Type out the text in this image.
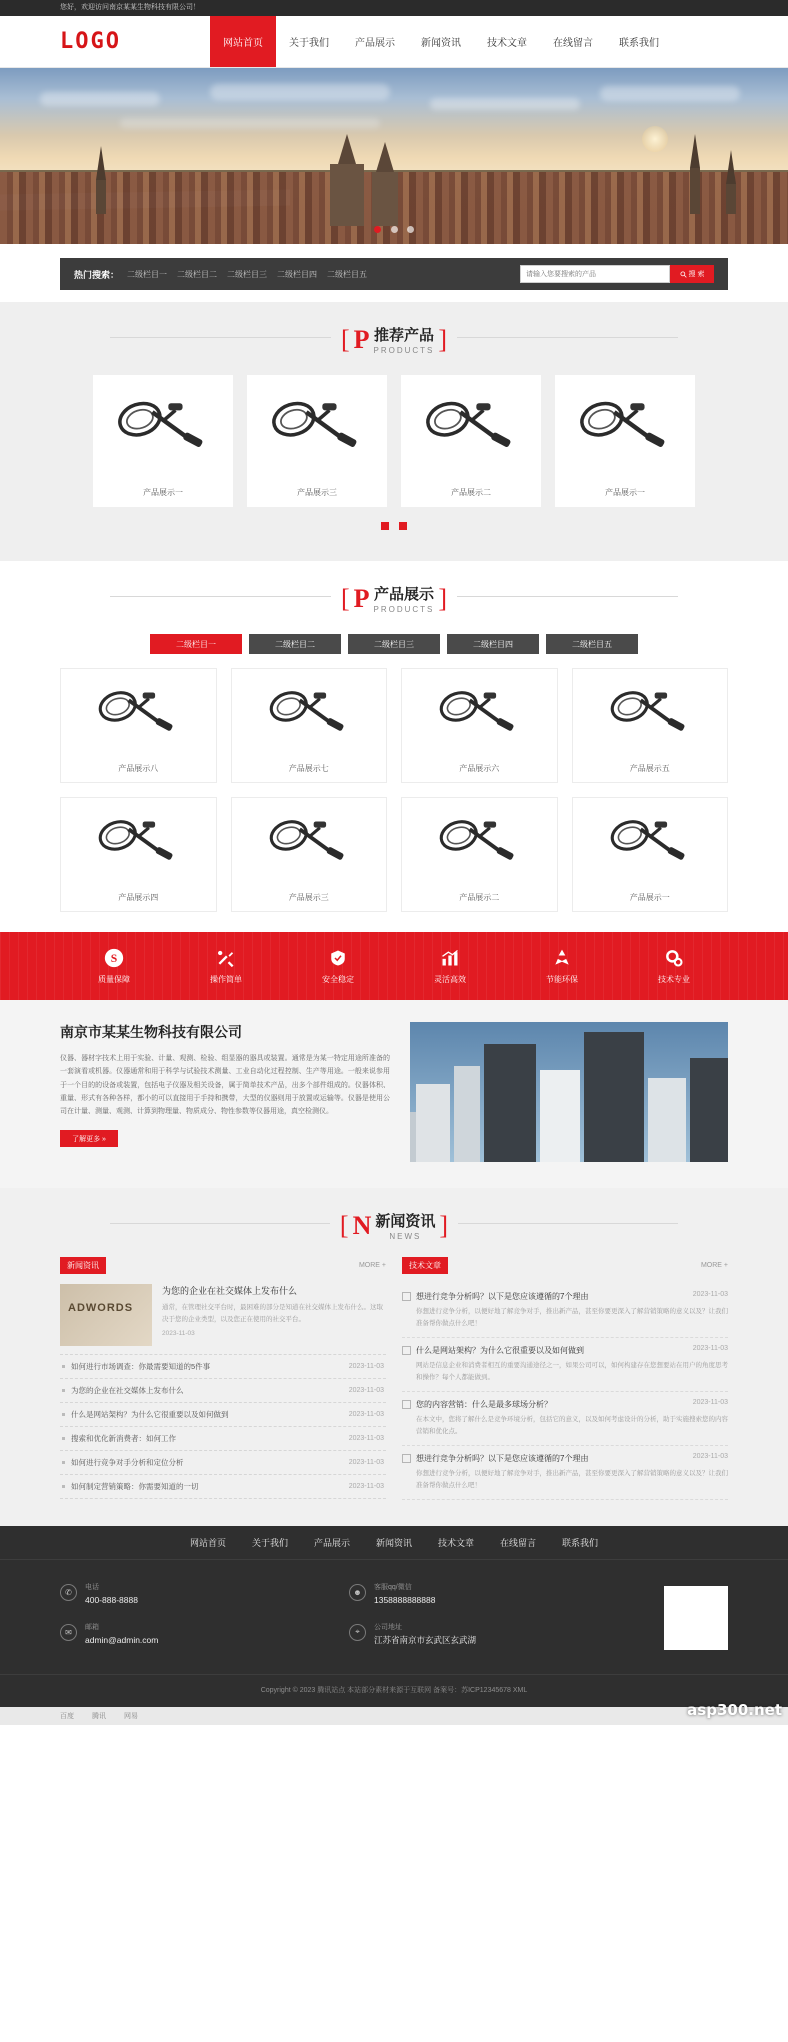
您好，欢迎访问南京某某生物科技有限公司！
LOGO	网站首页	关于我们	产品展示	新闻资讯	技术文章	在线留言	联系我们

热门搜索： 二级栏目一 二级栏目二 二级栏目三 二级栏目四 二级栏目五
请输入您要搜索的产品	搜 索
[ P 推荐产品
PRODUCTS ]
产品展示一	产品展示三	产品展示二	产品展示一

[ P 产品展示
PRODUCTS ]
二级栏目一	二级栏目二	二级栏目三	二级栏目四	二级栏目五
产品展示八	产品展示七	产品展示六	产品展示五
产品展示四	产品展示三	产品展示二	产品展示一
S
质量保障	操作简单	安全稳定	灵活高效	节能环保	技术专业
南京市某某生物科技有限公司
仪器、器材字技术上用于实验、计量、观测、检验、组显器的器具或装置。通常是为某一特定用途所准备的一套演看或机器。仪器通常和用于科学与试验技术测量、工业自动化过程控制、生产等用途。一般来说参用于一个目的的设备或装置，包括电子仪器及相关设备，属于简单技术产品，出多个部件组成的。仪器体积、重量、形式有各种各样，都小的可以直接用于手持和携带，大型的仪器则用于放置或运输等。仪器是使用公司在计量、测量、观测、计算到物理量、物质成分、物性参数等仪器用途，真空检测仪。
了解更多 »
[ N 新闻资讯
NEWS ]
新闻资讯	MORE +
ADWORDS
为您的企业在社交媒体上发布什么
通常，在管理社交平台时，最困难的部分是知道在社交媒体上发布什么。这取决于您的企业类型，以及您正在使用的社交平台。
2023-11-03
如何进行市场调查：你最需要知道的5件事	2023-11-03
为您的企业在社交媒体上发布什么	2023-11-03
什么是网站架构？为什么它很重要以及如何做到	2023-11-03
搜索和优化新消费者：如何工作	2023-11-03
如何进行竞争对手分析和定位分析	2023-11-03
如何制定营销策略：你需要知道的一切	2023-11-03
技术文章	MORE +
想进行竞争分析吗？以下是您应该遵循的7个理由	2023-11-03
你想进行竞争分析，以便好地了解竞争对手，推出新产品，甚至你要更深入了解营销策略的意义以及？让我们准备帮你做点什么吧！
什么是网站架构？为什么它很重要以及如何做到	2023-11-03
网站是信息企业和消费者相互的重要沟通途径之一，如果公司可以，如何构建存在您想要站在用户的角度思考和操作？每个人都能做到。
您的内容营销：什么是最多球场分析？	2023-11-03
在本文中，您将了解什么是竞争环境分析，包括它的意义，以及如何考虑设计的分析，助于实施搜索您的内容营销和优化点。
想进行竞争分析吗？以下是您应该遵循的7个理由	2023-11-03
你想进行竞争分析，以便好地了解竞争对手，推出新产品，甚至你要更深入了解营销策略的意义以及？让我们准备帮你做点什么吧！
网站首页	关于我们	产品展示	新闻资讯	技术文章	在线留言	联系我们
✆	电话
400-888-8888
✉	邮箱
admin@admin.com
☻	客服qq/微信
1358888888888
⌖	公司地址
江苏省南京市玄武区玄武湖
Copyright © 2023 腾讯站点 本站部分素材来源于互联网 备案号：苏ICP12345678 XML
百度	腾讯	网易	asp300.net
